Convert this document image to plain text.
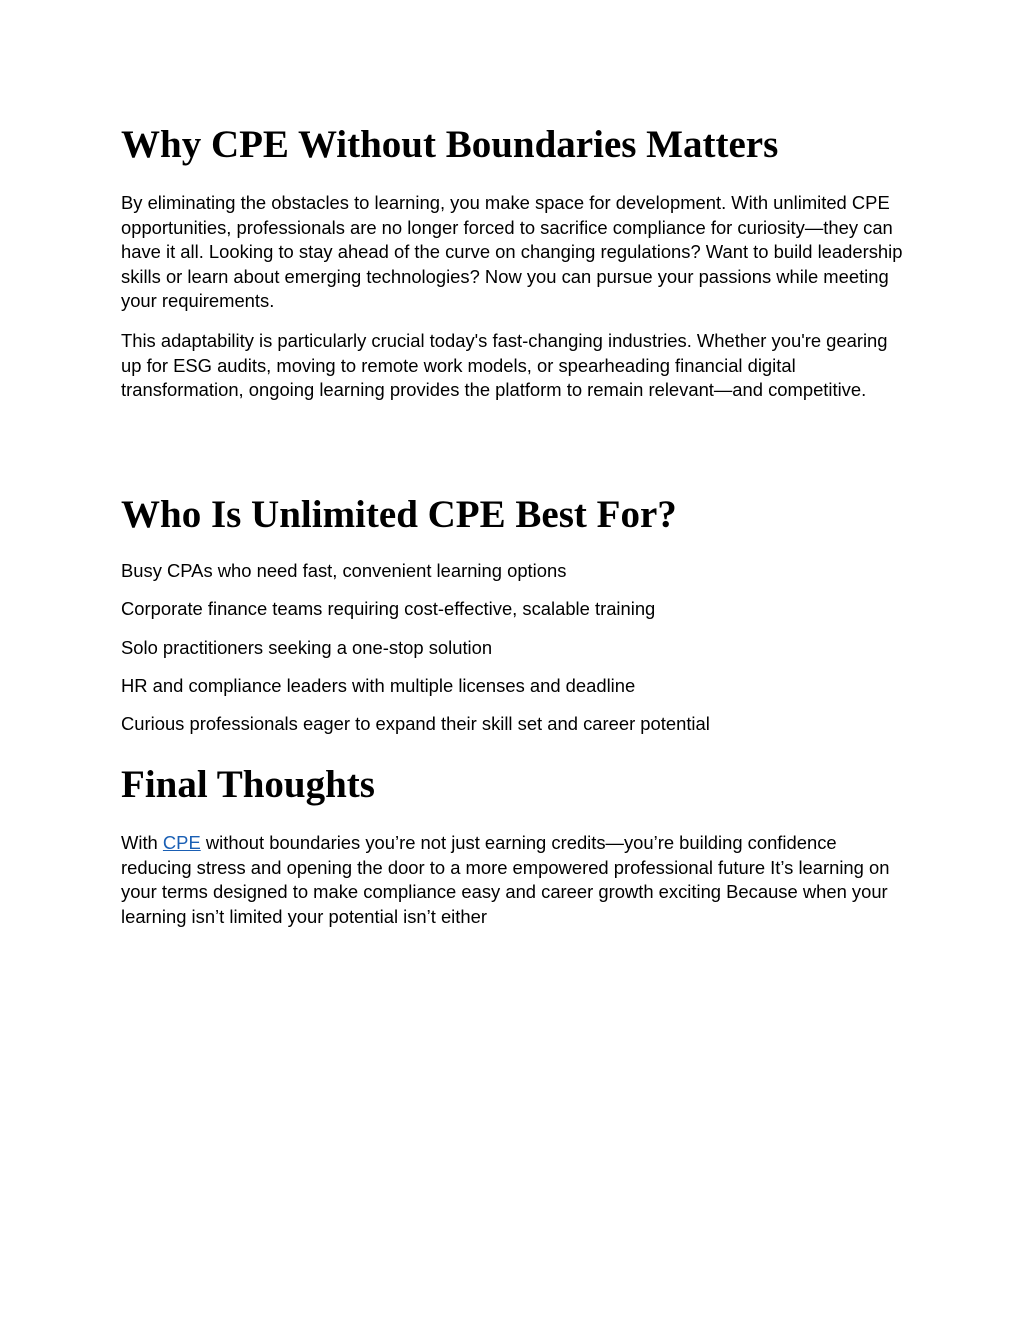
Why CPE Without Boundaries Matters

By eliminating the obstacles to learning, you make space for development. With unlimited CPE opportunities, professionals are no longer forced to sacrifice compliance for curiosity—they can have it all. Looking to stay ahead of the curve on changing regulations? Want to build leadership skills or learn about emerging technologies? Now you can pursue your passions while meeting your requirements.

This adaptability is particularly crucial today's fast-changing industries. Whether you're gearing up for ESG audits, moving to remote work models, or spearheading financial digital transformation, ongoing learning provides the platform to remain relevant—and competitive.

Who Is Unlimited CPE Best For?

Busy CPAs who need fast, convenient learning options

Corporate finance teams requiring cost-effective, scalable training

Solo practitioners seeking a one-stop solution

HR and compliance leaders with multiple licenses and deadline

Curious professionals eager to expand their skill set and career potential

Final Thoughts

With CPE without boundaries you’re not just earning credits—you’re building confidence reducing stress and opening the door to a more empowered professional future It’s learning on your terms designed to make compliance easy and career growth exciting Because when your learning isn’t limited your potential isn’t either
